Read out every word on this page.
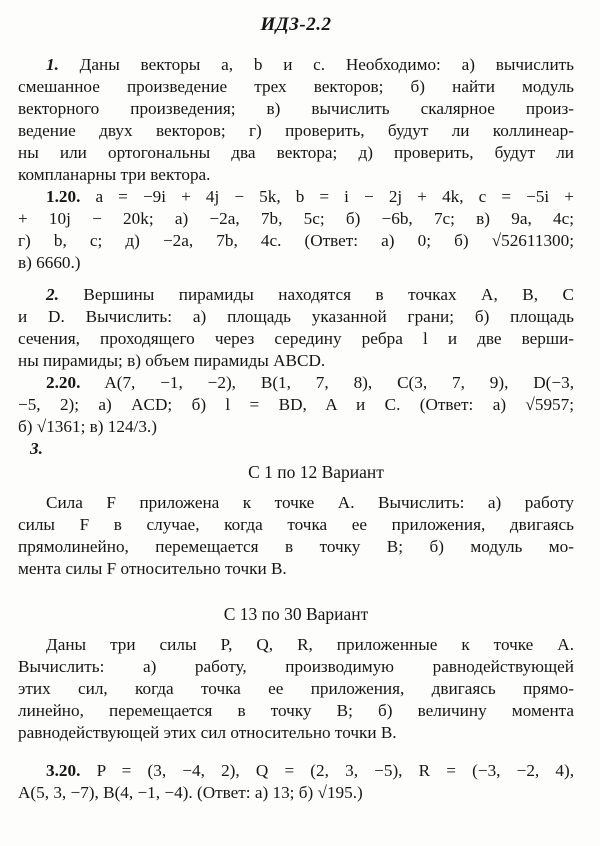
ИДЗ-2.2
1. Даны векторы a, b и c. Необходимо: а) вычислить
смешанное произведение трех векторов; б) найти модуль
векторного произведения; в) вычислить скалярное произ-
ведение двух векторов; г) проверить, будут ли коллинеар-
ны или ортогональны два вектора; д) проверить, будут ли
компланарны три вектора.
1.20. a = −9i + 4j − 5k, b = i − 2j + 4k, c = −5i +
+ 10j − 20k; а) −2a, 7b, 5c; б) −6b, 7c; в) 9a, 4c;
г) b, c; д) −2a, 7b, 4c. (Ответ: а) 0; б) √52611300;
в) 6660.)
2. Вершины пирамиды находятся в точках A, B, C
и D. Вычислить: а) площадь указанной грани; б) площадь
сечения, проходящего через середину ребра l и две верши-
ны пирамиды; в) объем пирамиды ABCD.
2.20. A(7, −1, −2), B(1, 7, 8), C(3, 7, 9), D(−3,
−5, 2); а) ACD; б) l = BD, A и C. (Ответ: а) √5957;
б) √1361; в) 124/3.)
3.
С 1 по 12 Вариант
Сила F приложена к точке A. Вычислить: а) работу
силы F в случае, когда точка ее приложения, двигаясь
прямолинейно, перемещается в точку B; б) модуль мо-
мента силы F относительно точки B.
С 13 по 30 Вариант
Даны три силы P, Q, R, приложенные к точке A.
Вычислить: а) работу, производимую равнодействующей
этих сил, когда точка ее приложения, двигаясь прямо-
линейно, перемещается в точку B; б) величину момента
равнодействующей этих сил относительно точки B.
3.20. P = (3, −4, 2), Q = (2, 3, −5), R = (−3, −2, 4),
A(5, 3, −7), B(4, −1, −4). (Ответ: а) 13; б) √195.)
